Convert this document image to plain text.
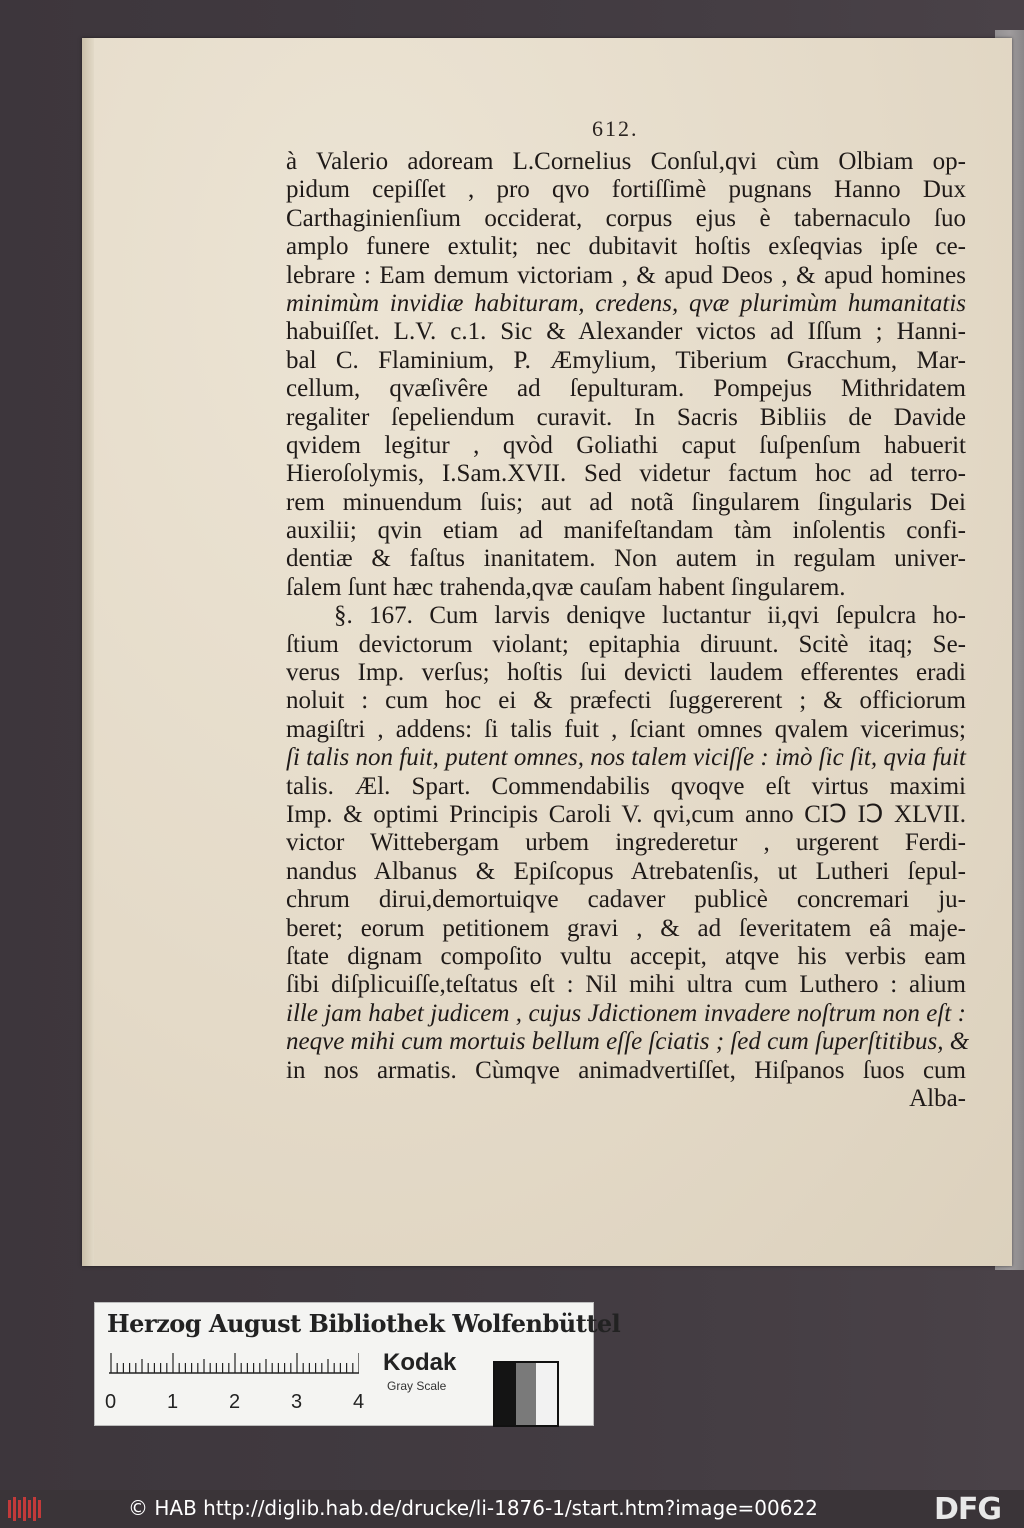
612.
à Valerio adoream L.Cornelius Conſul,qvi cùm Olbiam op-
pidum cepiſſet , pro qvo fortiſſimè pugnans Hanno Dux
Carthaginienſium occiderat, corpus ejus è tabernaculo ſuo
amplo funere extulit; nec dubitavit hoſtis exſeqvias ipſe ce-
lebrare : Eam demum victoriam , & apud Deos , & apud homines
minimùm invidiæ habituram, credens, qvæ plurimùm humanitatis
habuiſſet. L.V. c.1. Sic & Alexander victos ad Iſſum ; Hanni-
bal C. Flaminium, P. Æmylium, Tiberium Gracchum, Mar-
cellum, qvæſivêre ad ſepulturam. Pompejus Mithridatem
regaliter ſepeliendum curavit. In Sacris Bibliis de Davide
qvidem legitur , qvòd Goliathi caput ſuſpenſum habuerit
Hieroſolymis, I.Sam.XVII. Sed videtur factum hoc ad terro-
rem minuendum ſuis; aut ad notã ſingularem ſingularis Dei
auxilii; qvin etiam ad manifeſtandam tàm inſolentis confi-
dentiæ & faſtus inanitatem. Non autem in regulam univer-
ſalem ſunt hæc trahenda,qvæ cauſam habent ſingularem.
§. 167. Cum larvis deniqve luctantur ii,qvi ſepulcra ho-
ſtium devictorum violant; epitaphia diruunt. Scitè itaq; Se-
verus Imp. verſus; hoſtis ſui devicti laudem efferentes eradi
noluit : cum hoc ei & præfecti ſuggererent ; & officiorum
magiſtri , addens: ſi talis fuit , ſciant omnes qvalem vicerimus;
ſi talis non fuit, putent omnes, nos talem viciſſe : imò ſic ſit, qvia fuit
talis. Æl. Spart. Commendabilis qvoqve eſt virtus maximi
Imp. & optimi Principis Caroli V. qvi,cum anno CIↃ IↃ XLVII.
victor Wittebergam urbem ingrederetur , urgerent Ferdi-
nandus Albanus & Epiſcopus Atrebatenſis, ut Lutheri ſepul-
chrum dirui,demortuiqve cadaver publicè concremari ju-
beret; eorum petitionem gravi , & ad ſeveritatem eâ maje-
ſtate dignam compoſito vultu accepit, atqve his verbis eam
ſibi diſplicuiſſe,teſtatus eſt : Nil mihi ultra cum Luthero : alium
ille jam habet judicem , cujus Jdictionem invadere noſtrum non eſt :
neqve mihi cum mortuis bellum eſſe ſciatis ; ſed cum ſuperſtitibus, &
in nos armatis. Cùmqve animadvertiſſet, Hiſpanos ſuos cum
Alba-
Herzog August Bibliothek Wolfenbüttel
0	1	2	3	4
Kodak
Gray Scale
© HAB http://diglib.hab.de/drucke/li-1876-1/start.htm?image=00622	DFG
